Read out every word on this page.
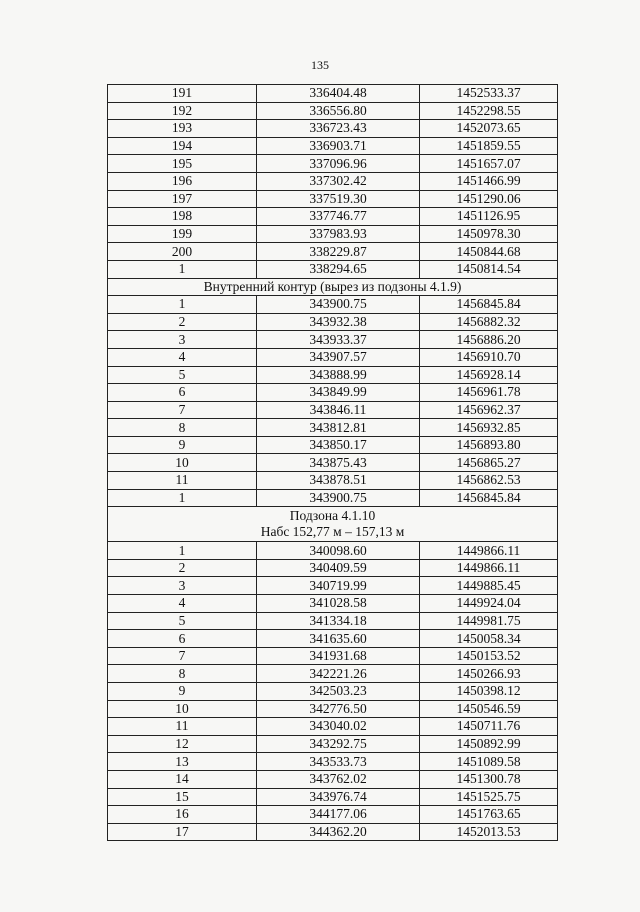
135
191	336404.48	1452533.37
192	336556.80	1452298.55
193	336723.43	1452073.65
194	336903.71	1451859.55
195	337096.96	1451657.07
196	337302.42	1451466.99
197	337519.30	1451290.06
198	337746.77	1451126.95
199	337983.93	1450978.30
200	338229.87	1450844.68
1	338294.65	1450814.54

Внутренний контур (вырез из подзоны 4.1.9)		

1	343900.75	1456845.84
2	343932.38	1456882.32
3	343933.37	1456886.20
4	343907.57	1456910.70
5	343888.99	1456928.14
6	343849.99	1456961.78
7	343846.11	1456962.37
8	343812.81	1456932.85
9	343850.17	1456893.80
10	343875.43	1456865.27
11	343878.51	1456862.53
1	343900.75	1456845.84

Подзона 4.1.10
Набс 152,77 м – 157,13 м		

1	340098.60	1449866.11
2	340409.59	1449866.11
3	340719.99	1449885.45
4	341028.58	1449924.04
5	341334.18	1449981.75
6	341635.60	1450058.34
7	341931.68	1450153.52
8	342221.26	1450266.93
9	342503.23	1450398.12
10	342776.50	1450546.59
11	343040.02	1450711.76
12	343292.75	1450892.99
13	343533.73	1451089.58
14	343762.02	1451300.78
15	343976.74	1451525.75
16	344177.06	1451763.65
17	344362.20	1452013.53
